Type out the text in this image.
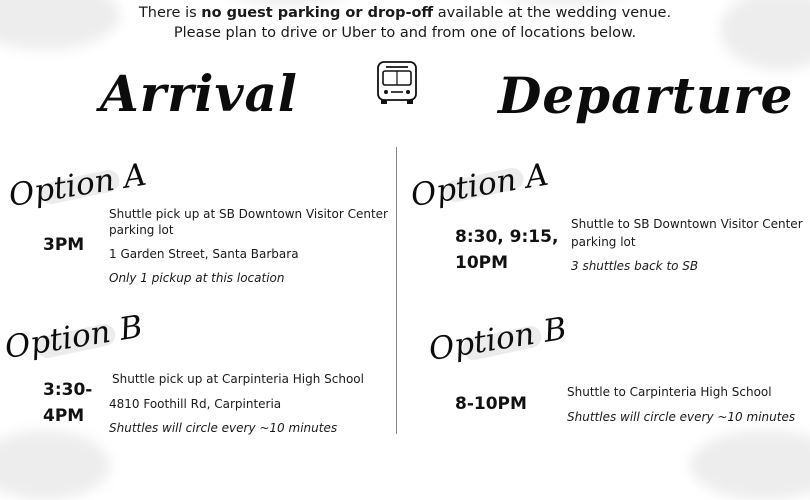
There is no guest parking or drop-off available at the wedding venue.
Please plan to drive or Uber to and from one of locations below.
Arrival	Departure
Option A
3PM
Shuttle pick up at SB Downtown Visitor Center
parking lot
1 Garden Street, Santa Barbara
Only 1 pickup at this location
Option B
3:30-
4PM
Shuttle pick up at Carpinteria High School
4810 Foothill Rd, Carpinteria
Shuttles will circle every ~10 minutes
Option A
8:30, 9:15,
10PM
Shuttle to SB Downtown Visitor Center
parking lot
3 shuttles back to SB
Option B
8-10PM
Shuttle to Carpinteria High School
Shuttles will circle every ~10 minutes
